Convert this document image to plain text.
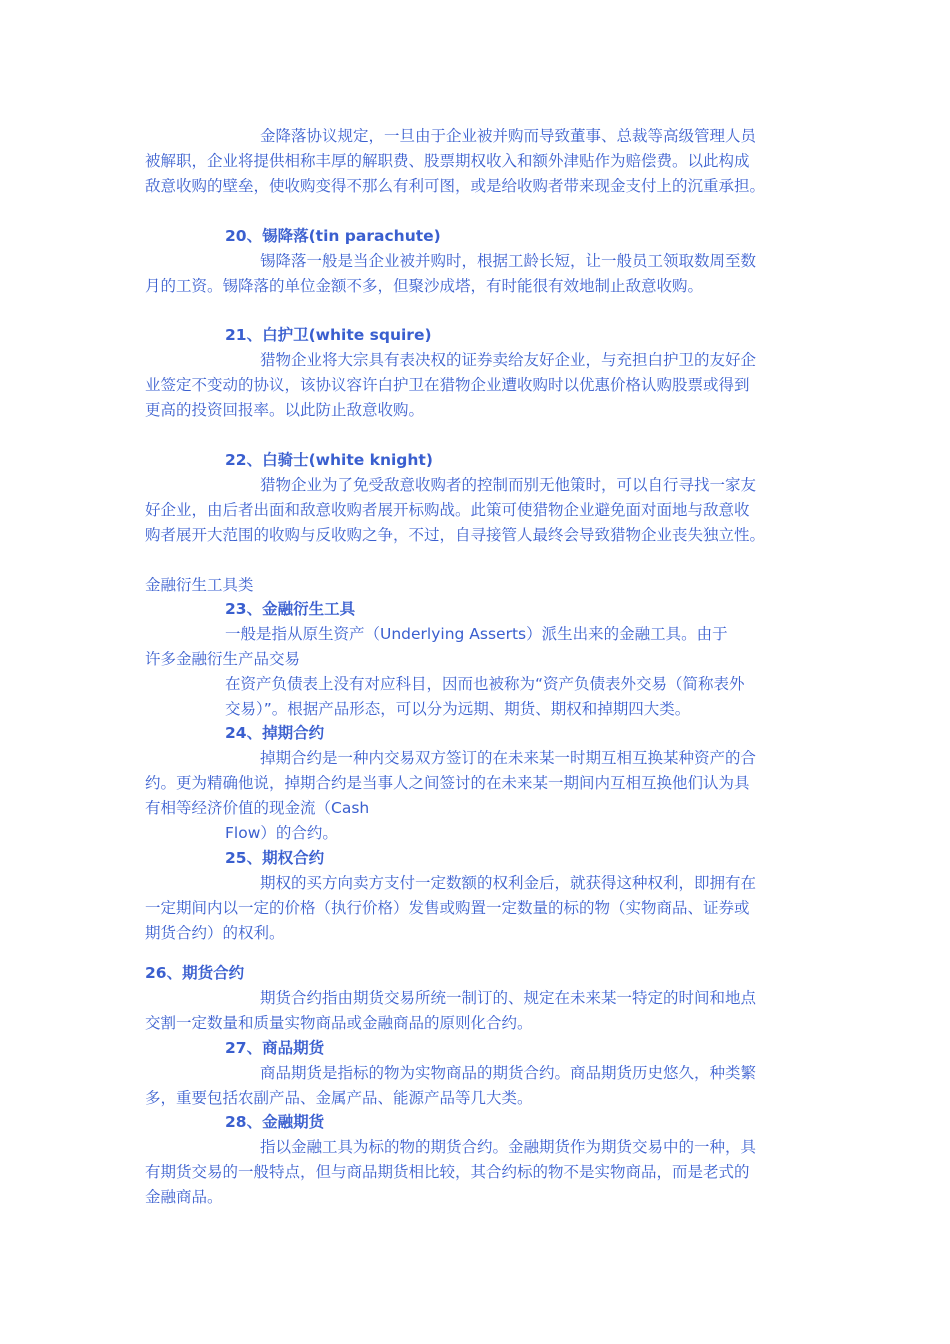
金降落协议规定，一旦由于企业被并购而导致董事、总裁等高级管理人员
被解职，企业将提供相称丰厚的解职费、股票期权收入和额外津贴作为赔偿费。以此构成
敌意收购的壁垒，使收购变得不那么有利可图，或是给收购者带来现金支付上的沉重承担。
20、锡降落(tin parachute)
锡降落一般是当企业被并购时，根据工龄长短，让一般员工领取数周至数
月的工资。锡降落的单位金额不多，但聚沙成塔，有时能很有效地制止敌意收购。
21、白护卫(white squire)
猎物企业将大宗具有表决权的证券卖给友好企业，与充担白护卫的友好企
业签定不变动的协议，该协议容许白护卫在猎物企业遭收购时以优惠价格认购股票或得到
更高的投资回报率。以此防止敌意收购。
22、白骑士(white knight)
猎物企业为了免受敌意收购者的控制而别无他策时，可以自行寻找一家友
好企业，由后者出面和敌意收购者展开标购战。此策可使猎物企业避免面对面地与敌意收
购者展开大范围的收购与反收购之争，不过，自寻接管人最终会导致猎物企业丧失独立性。
金融衍生工具类
23、金融衍生工具
一般是指从原生资产（Underlying Asserts）派生出来的金融工具。由于
许多金融衍生产品交易
在资产负债表上没有对应科目，因而也被称为“资产负债表外交易（简称表外
交易）”。根据产品形态，可以分为远期、期货、期权和掉期四大类。
24、掉期合约
掉期合约是一种内交易双方签订的在未来某一时期互相互换某种资产的合
约。更为精确他说，掉期合约是当事人之间签讨的在未来某一期间内互相互换他们认为具
有相等经济价值的现金流（Cash
Flow）的合约。
25、期权合约
期权的买方向卖方支付一定数额的权利金后，就获得这种权利，即拥有在
一定期间内以一定的价格（执行价格）发售或购置一定数量的标的物（实物商品、证券或
期货合约）的权利。
26、期货合约
期货合约指由期货交易所统一制订的、规定在未来某一特定的时间和地点
交割一定数量和质量实物商品或金融商品的原则化合约。
27、商品期货
商品期货是指标的物为实物商品的期货合约。商品期货历史悠久，种类繁
多，重要包括农副产品、金属产品、能源产品等几大类。
28、金融期货
指以金融工具为标的物的期货合约。金融期货作为期货交易中的一种，具
有期货交易的一般特点，但与商品期货相比较，其合约标的物不是实物商品，而是老式的
金融商品。
